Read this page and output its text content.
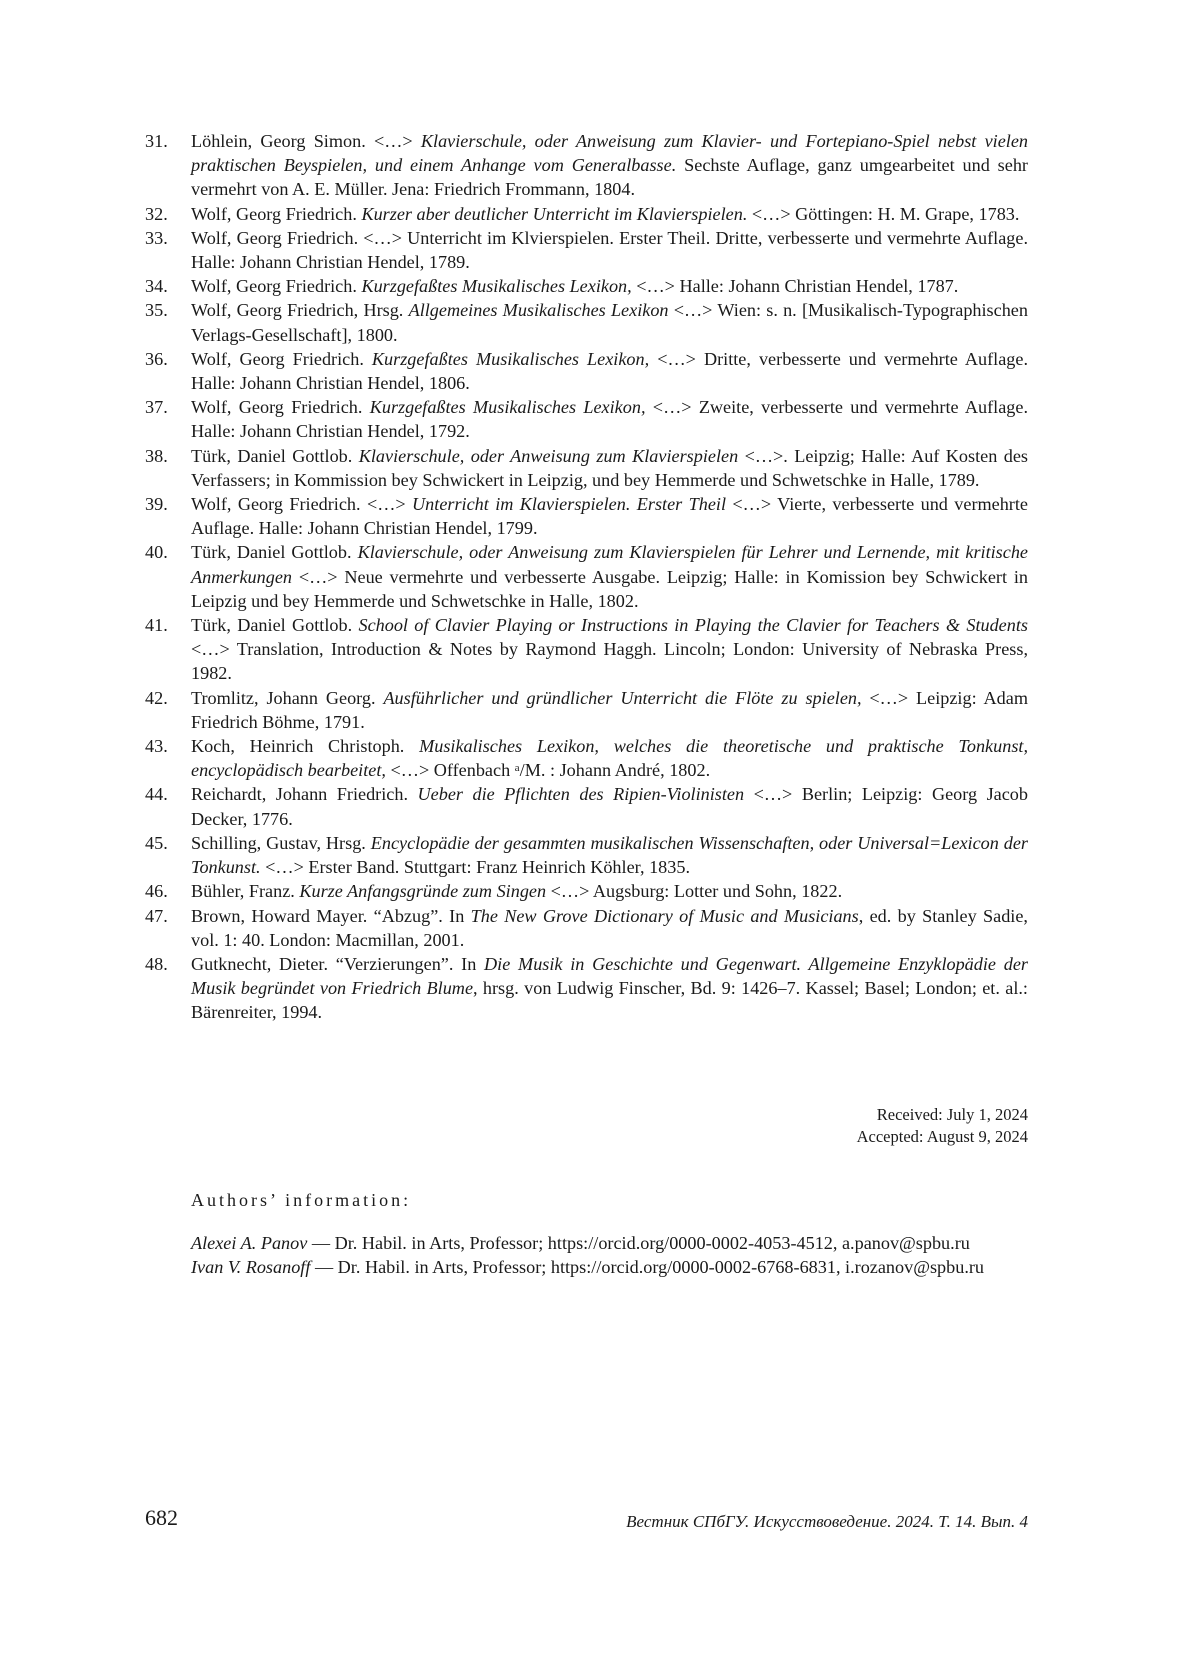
31.	Löhlein, Georg Simon. <…> Klavierschule, oder Anweisung zum Klavier- und Fortepiano-Spiel nebst vielen praktischen Beyspielen, und einem Anhange vom Generalbasse. Sechste Auflage, ganz umgearbeitet und sehr vermehrt von A. E. Müller. Jena: Friedrich Frommann, 1804.
32.	Wolf, Georg Friedrich. Kurzer aber deutlicher Unterricht im Klavierspielen. <…> Göttingen: H. M. Grape, 1783.
33.	Wolf, Georg Friedrich. <…> Unterricht im Klvierspielen. Erster Theil. Dritte, verbesserte und vermehrte Auflage. Halle: Johann Christian Hendel, 1789.
34.	Wolf, Georg Friedrich. Kurzgefaßtes Musikalisches Lexikon, <…> Halle: Johann Christian Hendel, 1787.
35.	Wolf, Georg Friedrich, Hrsg. Allgemeines Musikalisches Lexikon <…> Wien: s. n. [Musikalisch-Typographischen Verlags-Gesellschaft], 1800.
36.	Wolf, Georg Friedrich. Kurzgefaßtes Musikalisches Lexikon, <…> Dritte, verbesserte und vermehrte Auflage. Halle: Johann Christian Hendel, 1806.
37.	Wolf, Georg Friedrich. Kurzgefaßtes Musikalisches Lexikon, <…> Zweite, verbesserte und vermehrte Auflage. Halle: Johann Christian Hendel, 1792.
38.	Türk, Daniel Gottlob. Klavierschule, oder Anweisung zum Klavierspielen <…>. Leipzig; Halle: Auf Kosten des Verfassers; in Kommission bey Schwickert in Leipzig, und bey Hemmerde und Schwetschke in Halle, 1789.
39.	Wolf, Georg Friedrich. <…> Unterricht im Klavierspielen. Erster Theil <…> Vierte, verbesserte und vermehrte Auflage. Halle: Johann Christian Hendel, 1799.
40.	Türk, Daniel Gottlob. Klavierschule, oder Anweisung zum Klavierspielen für Lehrer und Lernende, mit kritische Anmerkungen <…> Neue vermehrte und verbesserte Ausgabe. Leipzig; Halle: in Komission bey Schwickert in Leipzig und bey Hemmerde und Schwetschke in Halle, 1802.
41.	Türk, Daniel Gottlob. School of Clavier Playing or Instructions in Playing the Clavier for Teachers & Students <…> Translation, Introduction & Notes by Raymond Haggh. Lincoln; London: University of Nebraska Press, 1982.
42.	Tromlitz, Johann Georg. Ausführlicher und gründlicher Unterricht die Flöte zu spielen, <…> Leipzig: Adam Friedrich Böhme, 1791.
43.	Koch, Heinrich Christoph. Musikalisches Lexikon, welches die theoretische und praktische Tonkunst, encyclopädisch bearbeitet, <…> Offenbach ᵃ/M. : Johann André, 1802.
44.	Reichardt, Johann Friedrich. Ueber die Pflichten des Ripien-Violinisten <…> Berlin; Leipzig: Georg Jacob Decker, 1776.
45.	Schilling, Gustav, Hrsg. Encyclopädie der gesammten musikalischen Wissenschaften, oder Universal=Lexicon der Tonkunst. <…> Erster Band. Stuttgart: Franz Heinrich Köhler, 1835.
46.	Bühler, Franz. Kurze Anfangsgründe zum Singen <…> Augsburg: Lotter und Sohn, 1822.
47.	Brown, Howard Mayer. “Abzug”. In The New Grove Dictionary of Music and Musicians, ed. by Stanley Sadie, vol. 1: 40. London: Macmillan, 2001.
48.	Gutknecht, Dieter. “Verzierungen”. In Die Musik in Geschichte und Gegenwart. Allgemeine Enzyklopädie der Musik begründet von Friedrich Blume, hrsg. von Ludwig Finscher, Bd. 9: 1426–7. Kassel; Basel; London; et. al.: Bärenreiter, 1994.
Received: July 1, 2024
Accepted: August 9, 2024
Authors’ information:
Alexei A. Panov — Dr. Habil. in Arts, Professor; https://orcid.org/0000-0002-4053-4512, a.panov@spbu.ru
Ivan V. Rosanoff — Dr. Habil. in Arts, Professor; https://orcid.org/0000-0002-6768-6831, i.rozanov@spbu.ru
682	Вестник СПбГУ. Искусствоведение. 2024. Т. 14. Вып. 4
